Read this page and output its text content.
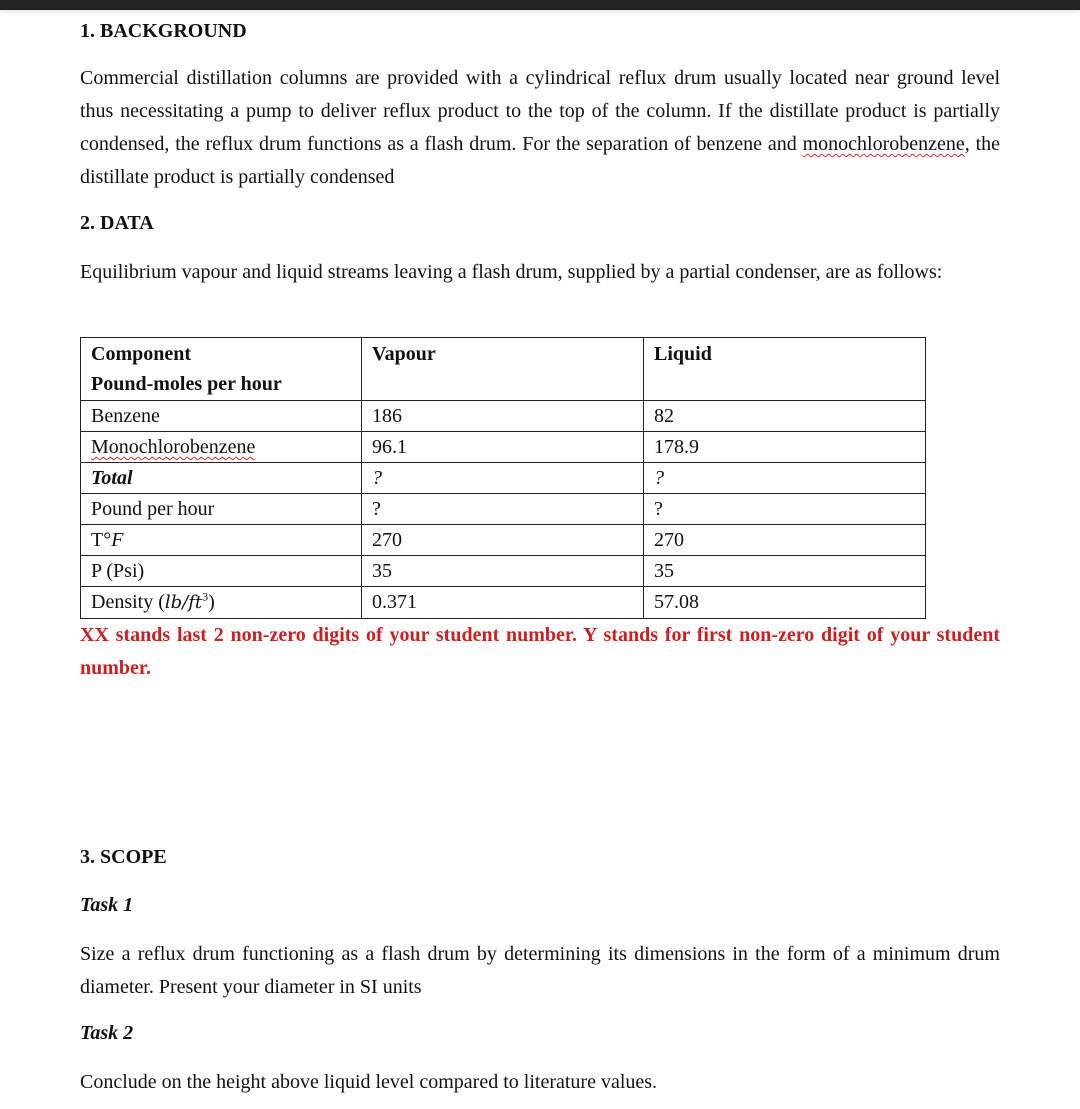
1. BACKGROUND
Commercial distillation columns are provided with a cylindrical reflux drum usually located near ground level thus necessitating a pump to deliver reflux product to the top of the column. If the distillate product is partially condensed, the reflux drum functions as a flash drum. For the separation of benzene and monochlorobenzene, the distillate product is partially condensed
2. DATA
Equilibrium vapour and liquid streams leaving a flash drum, supplied by a partial condenser, are as follows:
Component
Pound-moles per hour	Vapour	Liquid
Benzene	186	82
Monochlorobenzene	96.1	178.9
Total	?	?
Pound per hour	?	?
T°F	270	270
P (Psi)	35	35
Density $(lb/ft^3)$	0.371	57.08
XX stands last 2 non-zero digits of your student number. Y stands for first non-zero digit of your student number.
3. SCOPE
Task 1
Size a reflux drum functioning as a flash drum by determining its dimensions in the form of a minimum drum diameter. Present your diameter in SI units
Task 2
Conclude on the height above liquid level compared to literature values.
